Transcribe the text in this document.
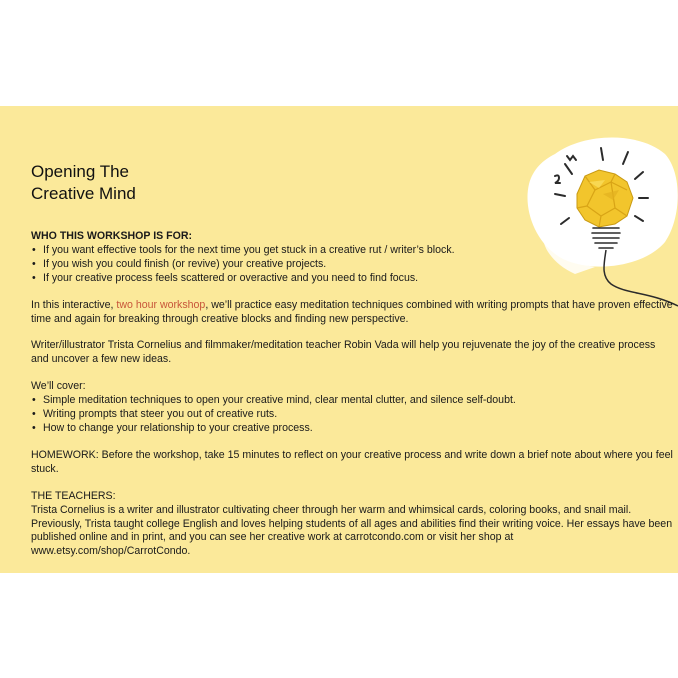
Opening The
Creative Mind

WHO THIS WORKSHOP IS FOR:

• If you want effective tools for the next time you get stuck in a creative rut / writer’s block.
• If you wish you could finish (or revive) your creative projects.
• If your creative process feels scattered or overactive and you need to find focus.

In this interactive, two hour workshop, we’ll practice easy meditation techniques combined with writing prompts that have proven effective time and again for breaking through creative blocks and finding new perspective.

Writer/illustrator Trista Cornelius and filmmaker/meditation teacher Robin Vada will help you rejuvenate the joy of the creative process and uncover a few new ideas.

We’ll cover:

• Simple meditation techniques to open your creative mind, clear mental clutter, and silence self-doubt.
• Writing prompts that steer you out of creative ruts.
• How to change your relationship to your creative process.

HOMEWORK: Before the workshop, take 15 minutes to reflect on your creative process and write down a brief note about where you feel stuck.

THE TEACHERS:

Trista Cornelius is a writer and illustrator cultivating cheer through her warm and whimsical cards, coloring books, and snail mail. Previously, Trista taught college English and loves helping students of all ages and abilities find their writing voice. Her essays have been published online and in print, and you can see her creative work at carrotcondo.com or visit her shop at www.etsy.com/shop/CarrotCondo.
